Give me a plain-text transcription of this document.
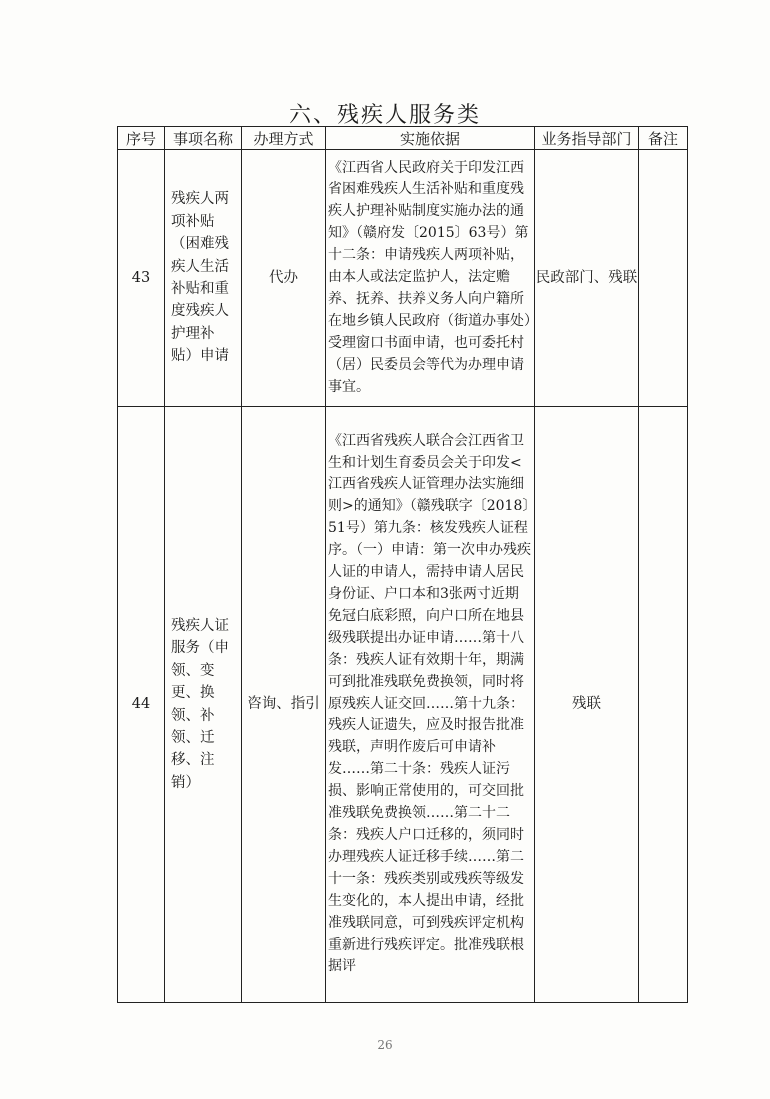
六、残疾人服务类
序号	事项名称	办理方式	实施依据	业务指导部门	备注
43	残疾人两项补贴（困难残疾人生活补贴和重度残疾人护理补贴）申请	代办	《江西省人民政府关于印发江西省困难残疾人生活补贴和重度残疾人护理补贴制度实施办法的通知》（赣府发〔2015〕63号）第十二条：申请残疾人两项补贴，由本人或法定监护人，法定赡养、抚养、扶养义务人向户籍所在地乡镇人民政府（街道办事处）受理窗口书面申请，也可委托村（居）民委员会等代为办理申请事宜。	民政部门、残联	
44	残疾人证服务（申领、变更、换领、补领、迁移、注销）	咨询、指引	《江西省残疾人联合会江西省卫生和计划生育委员会关于印发<江西省残疾人证管理办法实施细则>的通知》（赣残联字〔2018〕51号）第九条：核发残疾人证程序。（一）申请：第一次申办残疾人证的申请人，需持申请人居民身份证、户口本和3张两寸近期免冠白底彩照，向户口所在地县级残联提出办证申请……第十八条：残疾人证有效期十年，期满可到批准残联免费换领，同时将原残疾人证交回……第十九条：残疾人证遗失，应及时报告批准残联，声明作废后可申请补发……第二十条：残疾人证污损、影响正常使用的，可交回批准残联免费换领……第二十二条：残疾人户口迁移的，须同时办理残疾人证迁移手续……第二十一条：残疾类别或残疾等级发生变化的，本人提出申请，经批准残联同意，可到残疾评定机构重新进行残疾评定。批准残联根据评	残联	
26
